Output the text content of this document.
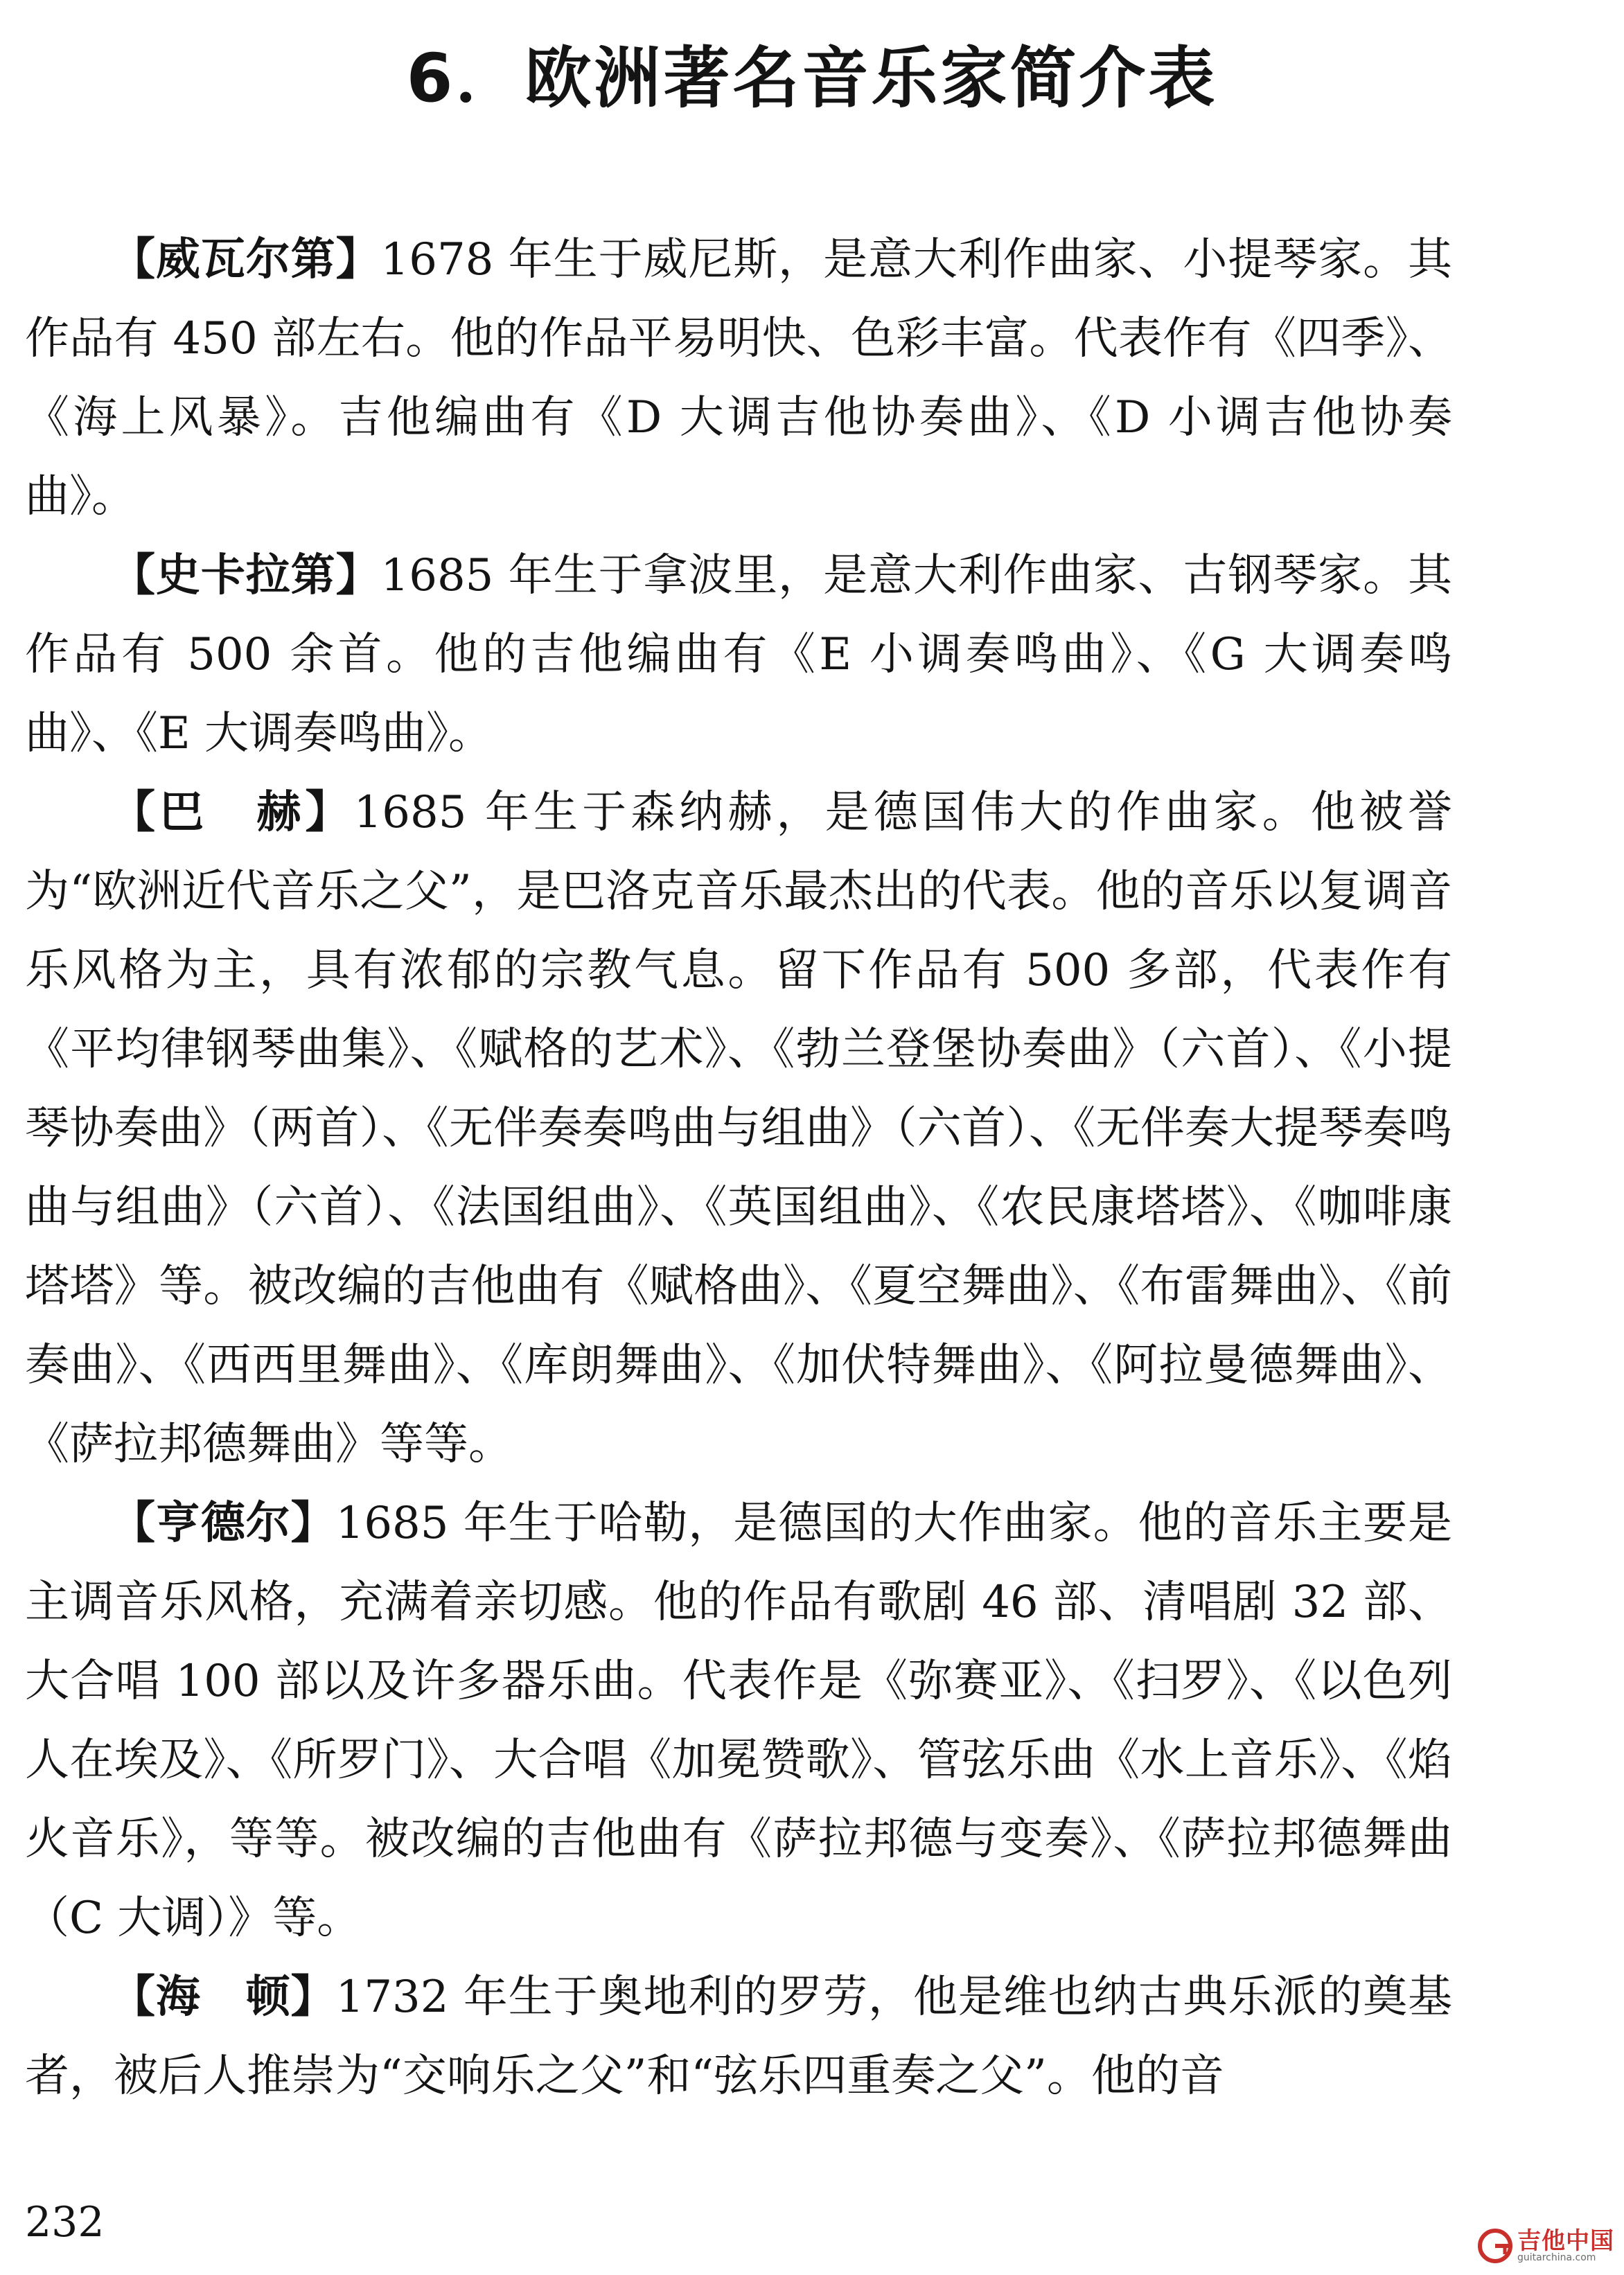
6．欧洲著名音乐家简介表

【威瓦尔第】1678 年生于威尼斯，是意大利作曲家、小提琴家。其作品有 450 部左右。他的作品平易明快、色彩丰富。代表作有《四季》、《海上风暴》。吉他编曲有《D 大调吉他协奏曲》、《D 小调吉他协奏曲》。

【史卡拉第】1685 年生于拿波里，是意大利作曲家、古钢琴家。其作品有 500 余首。他的吉他编曲有《E 小调奏鸣曲》、《G 大调奏鸣曲》、《E 大调奏鸣曲》。

【巴　赫】1685 年生于森纳赫，是德国伟大的作曲家。他被誉为“欧洲近代音乐之父”，是巴洛克音乐最杰出的代表。他的音乐以复调音乐风格为主，具有浓郁的宗教气息。留下作品有 500 多部，代表作有《平均律钢琴曲集》、《赋格的艺术》、《勃兰登堡协奏曲》（六首）、《小提琴协奏曲》（两首）、《无伴奏奏鸣曲与组曲》（六首）、《无伴奏大提琴奏鸣曲与组曲》（六首）、《法国组曲》、《英国组曲》、《农民康塔塔》、《咖啡康塔塔》等。被改编的吉他曲有《赋格曲》、《夏空舞曲》、《布雷舞曲》、《前奏曲》、《西西里舞曲》、《库朗舞曲》、《加伏特舞曲》、《阿拉曼德舞曲》、《萨拉邦德舞曲》等等。

【亨德尔】1685 年生于哈勒，是德国的大作曲家。他的音乐主要是主调音乐风格，充满着亲切感。他的作品有歌剧 46 部、清唱剧 32 部、大合唱 100 部以及许多器乐曲。代表作是《弥赛亚》、《扫罗》、《以色列人在埃及》、《所罗门》、大合唱《加冕赞歌》、管弦乐曲《水上音乐》、《焰火音乐》，等等。被改编的吉他曲有《萨拉邦德与变奏》、《萨拉邦德舞曲（C 大调）》等。

【海　顿】1732 年生于奥地利的罗劳，他是维也纳古典乐派的奠基者，被后人推崇为“交响乐之父”和“弦乐四重奏之父”。他的音

232	吉他中国
guitarchina.com
